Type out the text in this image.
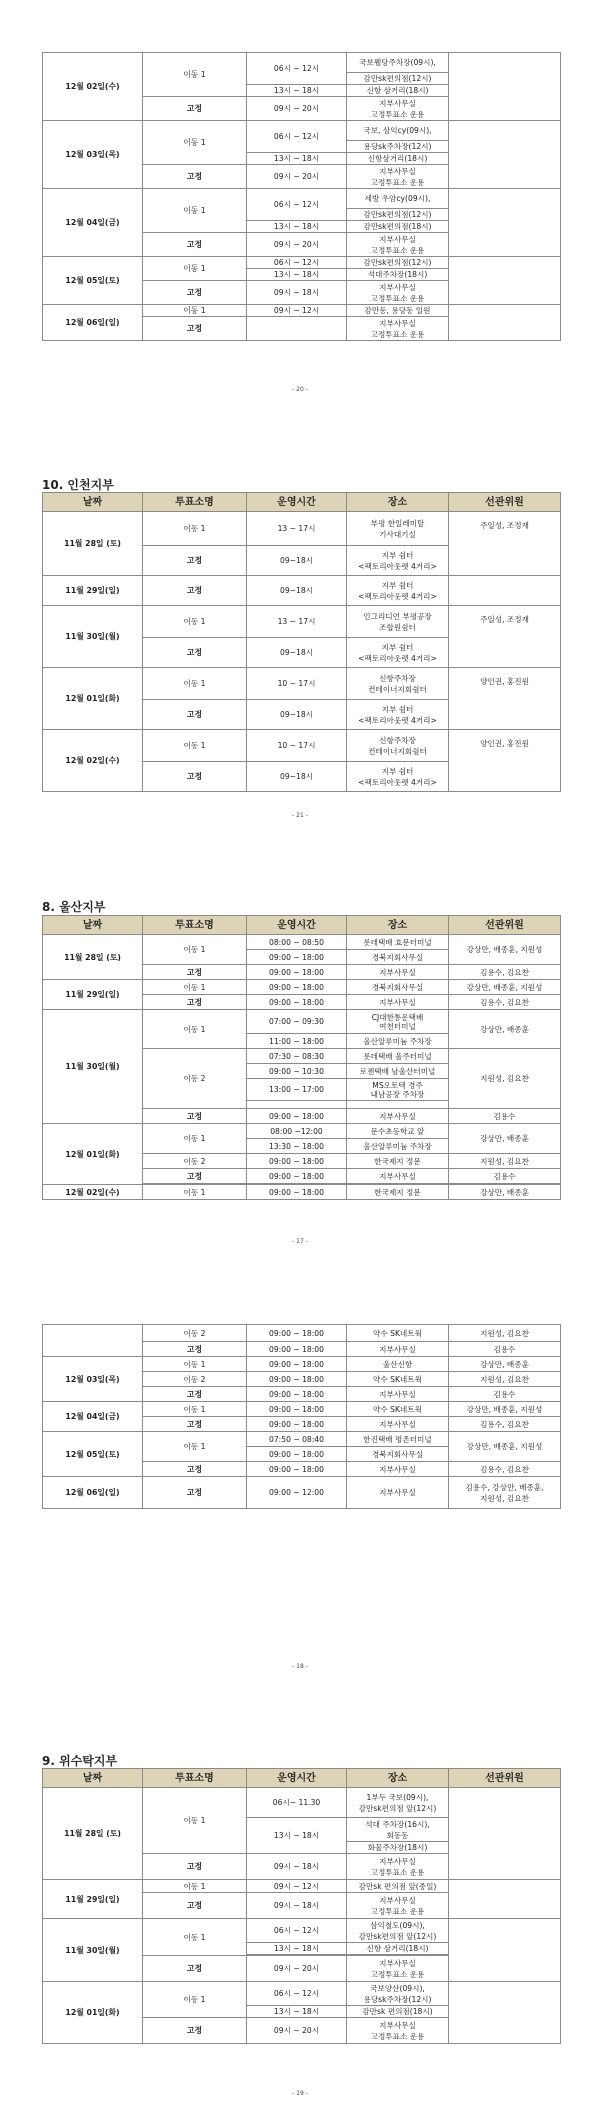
12월 02일(수)	이동 1	06시 ~ 12시	국보웰당주차장(09시),	
			감만sk편의점(12시)	
		13시 ~ 18시	신항 삼거리(18시)	
	고정	09시 ~ 20시	지부사무실
고정투표소 운용	
12월 03일(목)	이동 1	06시 ~ 12시	국보, 삼익cy(09시),	
			용당sk주차장(12시)	
		13시 ~ 18시	신항삼거리(18시)	
	고정	09시 ~ 20시	지부사무실
고정투표소 운용	
12월 04일(금)	이동 1	06시 ~ 12시	세방 우암cy(09시),	
			감만sk편의점(12시)	
		13시 ~ 18시	감만sk편의점(18시)	
	고정	09시 ~ 20시	지부사무실
고정투표소 운용	
12월 05일(토)	이동 1	06시 ~ 12시	감만sk편의점(12시)	
		13시 ~ 18시	석대주차장(18시)	
	고정	09시 ~ 18시	지부사무실
고정투표소 운용	
12월 06일(일)	이동 1	09시 ~ 12시	감만동, 용당동 일원	
	고정		지부사무실
고정투표소 운용	
- 20 -
10. 인천지부
날짜	투표소명	운영시간	장소	선관위원
11월 28일 (토)	이동 1	13 ~ 17시	부평 한일레미탈
기사대기실	주일성, 조정재
	고정	09~18시	지부 쉼터
<팩토리아웃렛 4거리>	
11월 29일(일)	고정	09~18시	지부 쉼터
<팩토리아웃렛 4거리>	
11월 30일(월)	이동 1	13 ~ 17시	인그리디언 부평공장
조합원쉼터	주일성, 조정재
	고정	09~18시	지부 쉼터
<팩토리아웃렛 4거리>	
12월 01일(화)	이동 1	10 ~ 17시	신항주차장
컨테이너지회쉼터	양인권, 홍진원
	고정	09~18시	지부 쉼터
<팩토리아웃렛 4거리>	
12월 02일(수)	이동 1	10 ~ 17시	신항주차장
컨테이너지회쉼터	양인권, 홍진원
	고정	09~18시	지부 쉼터
<팩토리아웃렛 4거리>	
- 21 -
8. 울산지부
날짜	투표소명	운영시간	장소	선관위원
11월 28일 (토)	이동 1	08:00 ~ 08:50	롯데택배 효문터미널	강상만, 배종훈, 지원성
		09:00 ~ 18:00	경북지회사무실	
	고정	09:00 ~ 18:00	지부사무실	김용수, 김요찬
11월 29일(일)	이동 1	09:00 ~ 18:00	경북지회사무실	강상만, 배종훈, 지원성
	고정	09:00 ~ 18:00	지부사무실	김용수, 김요찬
11월 30일(월)	이동 1	07:00 ~ 09:30	CJ대한통운택배
여천터미널	강상만, 배종훈
		11:00 ~ 18:00	울산알루미늄 주차장	
	이동 2	07:30 ~ 08:30	롯데택배 울주터미널	지원성, 김요찬
		09:00 ~ 10:30	로젠택배 남울산터미널	
		13:00 ~ 17:00	MS오토텍 경주
내남공장 주차장	

	고정	09:00 ~ 18:00	지부사무실	김용수
12월 01일(화)	이동 1	08:00 ~12:00	문수초등학교 앞	강상만, 배종훈
		13:30 ~ 18:00	울산알루미늄 주차장	
	이동 2	09:00 ~ 18:00	한국제지 정문	지원성, 김요찬
	고정	09:00 ~ 18:00	지부사무실	김용수

12월 02일(수)	이동 1	09:00 ~ 18:00	한국제지 정문	강상만, 배종훈
- 17 -
	이동 2	09:00 ~ 18:00	약수 SK네트웍	지원성, 김요찬
	고정	09:00 ~ 18:00	지부사무실	김용수
12월 03일(목)	이동 1	09:00 ~ 18:00	울산신항	강상만, 배종훈
	이동 2	09:00 ~ 18:00	약수 SK네트웍	지원성, 김요찬
	고정	09:00 ~ 18:00	지부사무실	김용수
12월 04일(금)	이동 1	09:00 ~ 18:00	약수 SK네트웍	강상만, 배종훈, 지원성
	고정	09:00 ~ 18:00	지부사무실	김용수, 김요찬
12월 05일(토)	이동 1	07:50 ~ 08:40	한진택배 명촌터미널	강상만, 배종훈, 지원성
		09:00 ~ 18:00	경북지회사무실	
	고정	09:00 ~ 18:00	지부사무실	김용수, 김요찬
12월 06일(일)	고정	09:00 ~ 12:00	지부사무실	김용수, 강상만, 배종훈,
지원성, 김요찬
- 18 -
9. 위수탁지부
날짜	투표소명	운영시간	장소	선관위원
11월 28일 (토)	이동 1	06시~ 11.30	1부두 국보(09시),
감만sk편의점 앞(12시)	
		13시 ~ 18시	석대 주차장(16시),
회동동	
			화물주차장(18시)	
	고정	09시 ~ 18시	지부사무실
고정투표소 운용	
11월 29일(일)	이동 1	09시 ~ 12시	감만sk 편의점 앞(종일)	
	고정	09시 ~ 18시	지부사무실
고정투표소 운용	
11월 30일(월)	이동 1	06시 ~ 12시	삼익철도(09시),
감만sk편의점 앞(12시)	
		13시 ~ 18시	신항 삼거리(18시)	

	고정	09시 ~ 20시	지부사무실
고정투표소 운용	
12월 01일(화)	이동 1	06시 ~ 12시	국보양산(09시),
용당sk주차장(12시)	
		13시 ~ 18시	감만sk 편의점(18시)	
	고정	09시 ~ 20시	지부사무실
고정투표소 운용	
- 19 -
